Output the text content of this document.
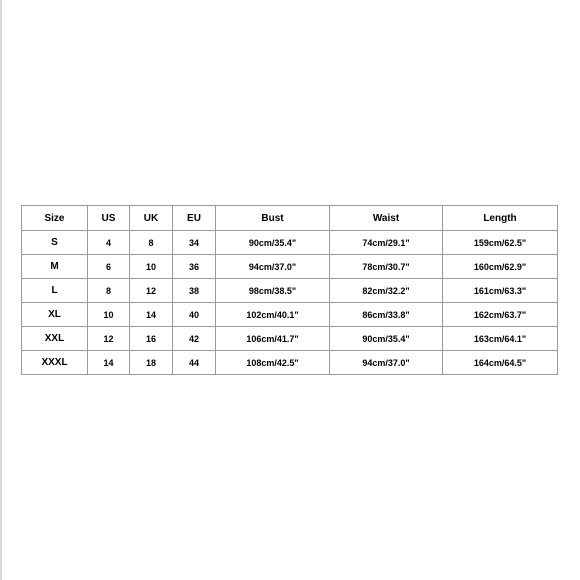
Size	US	UK	EU	Bust	Waist	Length
S	4	8	34	90cm/35.4"	74cm/29.1"	159cm/62.5"
M	6	10	36	94cm/37.0"	78cm/30.7"	160cm/62.9"
L	8	12	38	98cm/38.5"	82cm/32.2"	161cm/63.3"
XL	10	14	40	102cm/40.1"	86cm/33.8"	162cm/63.7"
XXL	12	16	42	106cm/41.7"	90cm/35.4"	163cm/64.1"
XXXL	14	18	44	108cm/42.5"	94cm/37.0"	164cm/64.5"
